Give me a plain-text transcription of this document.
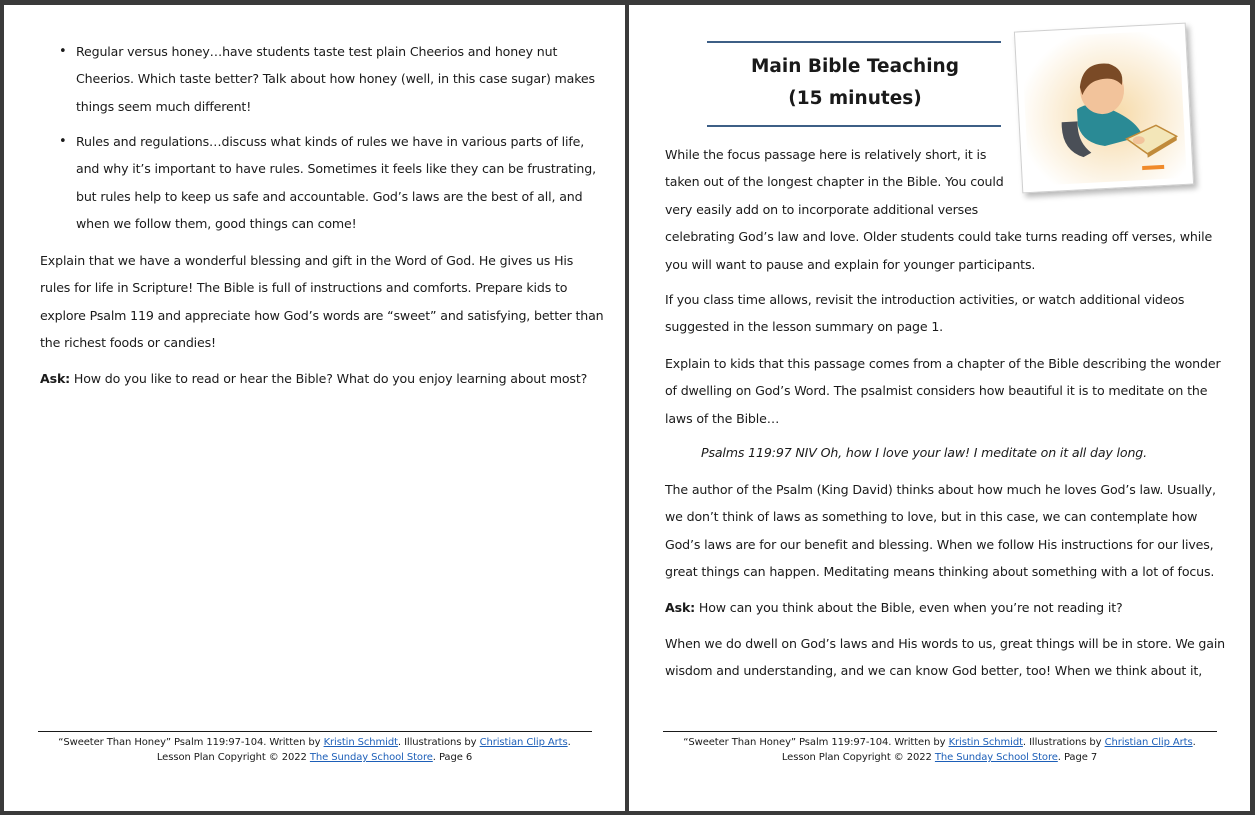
• Regular versus honey…have students taste test plain Cheerios and honey nut
Cheerios. Which taste better? Talk about how honey (well, in this case sugar) makes
things seem much different!

• Rules and regulations…discuss what kinds of rules we have in various parts of life,
and why it’s important to have rules. Sometimes it feels like they can be frustrating,
but rules help to keep us safe and accountable. God’s laws are the best of all, and
when we follow them, good things can come!

Explain that we have a wonderful blessing and gift in the Word of God. He gives us His
rules for life in Scripture! The Bible is full of instructions and comforts. Prepare kids to
explore Psalm 119 and appreciate how God’s words are “sweet” and satisfying, better than
the richest foods or candies!

Ask: How do you like to read or hear the Bible? What do you enjoy learning about most?

“Sweeter Than Honey” Psalm 119:97-104. Written by Kristin Schmidt. Illustrations by Christian Clip Arts.
Lesson Plan Copyright © 2022 The Sunday School Store. Page 6

Main Bible Teaching
(15 minutes)

While the focus passage here is relatively short, it is
taken out of the longest chapter in the Bible. You could
very easily add on to incorporate additional verses
celebrating God’s law and love. Older students could take turns reading off verses, while
you will want to pause and explain for younger participants.

If you class time allows, revisit the introduction activities, or watch additional videos
suggested in the lesson summary on page 1.

Explain to kids that this passage comes from a chapter of the Bible describing the wonder
of dwelling on God’s Word. The psalmist considers how beautiful it is to meditate on the
laws of the Bible…

Psalms 119:97 NIV Oh, how I love your law! I meditate on it all day long.

The author of the Psalm (King David) thinks about how much he loves God’s law. Usually,
we don’t think of laws as something to love, but in this case, we can contemplate how
God’s laws are for our benefit and blessing. When we follow His instructions for our lives,
great things can happen. Meditating means thinking about something with a lot of focus.

Ask: How can you think about the Bible, even when you’re not reading it?

When we do dwell on God’s laws and His words to us, great things will be in store. We gain
wisdom and understanding, and we can know God better, too! When we think about it,

“Sweeter Than Honey” Psalm 119:97-104. Written by Kristin Schmidt. Illustrations by Christian Clip Arts.
Lesson Plan Copyright © 2022 The Sunday School Store. Page 7
